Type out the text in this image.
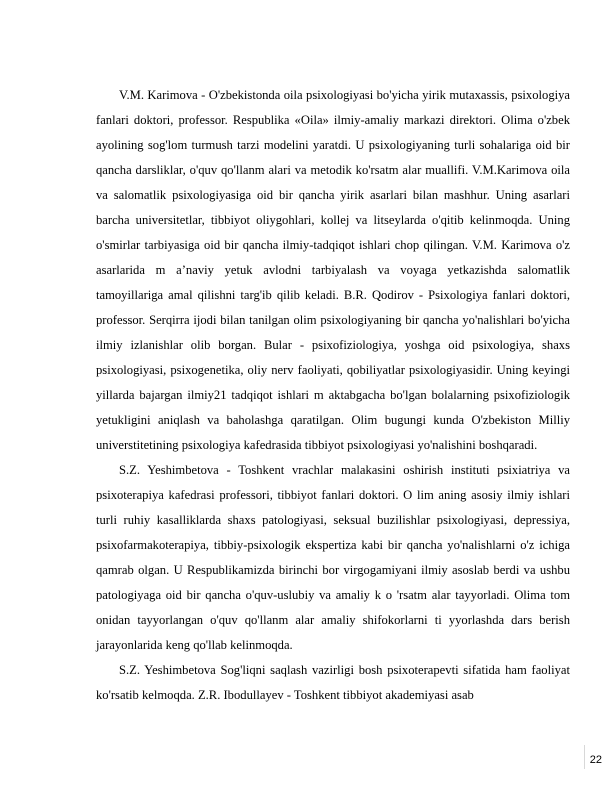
V.M. Karimova - O'zbekistonda oila psixologiyasi bo'yicha yirik mutaxassis, psixologiya fanlari doktori, professor. Respublika «Oila» ilmiy-amaliy markazi direktori. Olima o'zbek ayolining sog'lom turmush tarzi modelini yaratdi. U psixologiyaning turli sohalariga oid bir qancha darsliklar, o'quv qo'llanm alari va metodik ko'rsatm alar muallifi. V.M.Karimova oila va salomatlik psixologiyasiga oid bir qancha yirik asarlari bilan mashhur. Uning asarlari barcha universitetlar, tibbiyot oliygohlari, kollej va litseylarda o'qitib kelinmoqda. Uning o'smirlar tarbiyasiga oid bir qancha ilmiy-tadqiqot ishlari chop qilingan. V.M. Karimova o'z asarlarida m a’naviy yetuk avlodni tarbiyalash va voyaga yetkazishda salomatlik tamoyillariga amal qilishni targ'ib qilib keladi. B.R. Qodirov - Psixologiya fanlari doktori, professor. Serqirra ijodi bilan tanilgan olim psixologiyaning bir qancha yo'nalishlari bo'yicha ilmiy izlanishlar olib borgan. Bular - psixofiziologiya, yoshga oid psixologiya, shaxs psixologiyasi, psixogenetika, oliy nerv faoliyati, qobiliyatlar psixologiyasidir. Uning keyingi yillarda bajargan ilmiy21 tadqiqot ishlari m aktabgacha bo'lgan bolalarning psixofiziologik yetukligini aniqlash va baholashga qaratilgan. Olim bugungi kunda O'zbekiston Milliy universtitetining psixologiya kafedrasida tibbiyot psixologiyasi yo'nalishini boshqaradi.

S.Z. Yeshimbetova - Toshkent vrachlar malakasini oshirish instituti psixiatriya va psixoterapiya kafedrasi professori, tibbiyot fanlari doktori. O lim aning asosiy ilmiy ishlari turli ruhiy kasalliklarda shaxs patologiyasi, seksual buzilishlar psixologiyasi, depressiya, psixofarmakoterapiya, tibbiy-psixologik ekspertiza kabi bir qancha yo'nalishlarni o'z ichiga qamrab olgan. U Respublikamizda birinchi bor virgogamiyani ilmiy asoslab berdi va ushbu patologiyaga oid bir qancha o'quv-uslubiy va amaliy k o 'rsatm alar tayyorladi. Olima tom onidan tayyorlangan o'quv qo'llanm alar amaliy shifokorlarni ti yyorlashda dars berish jarayonlarida keng qo'llab kelinmoqda.

S.Z. Yeshimbetova Sog'liqni saqlash vazirligi bosh psixoterapevti sifatida ham faoliyat ko'rsatib kelmoqda. Z.R. Ibodullayev - Toshkent tibbiyot akademiyasi asab

22
